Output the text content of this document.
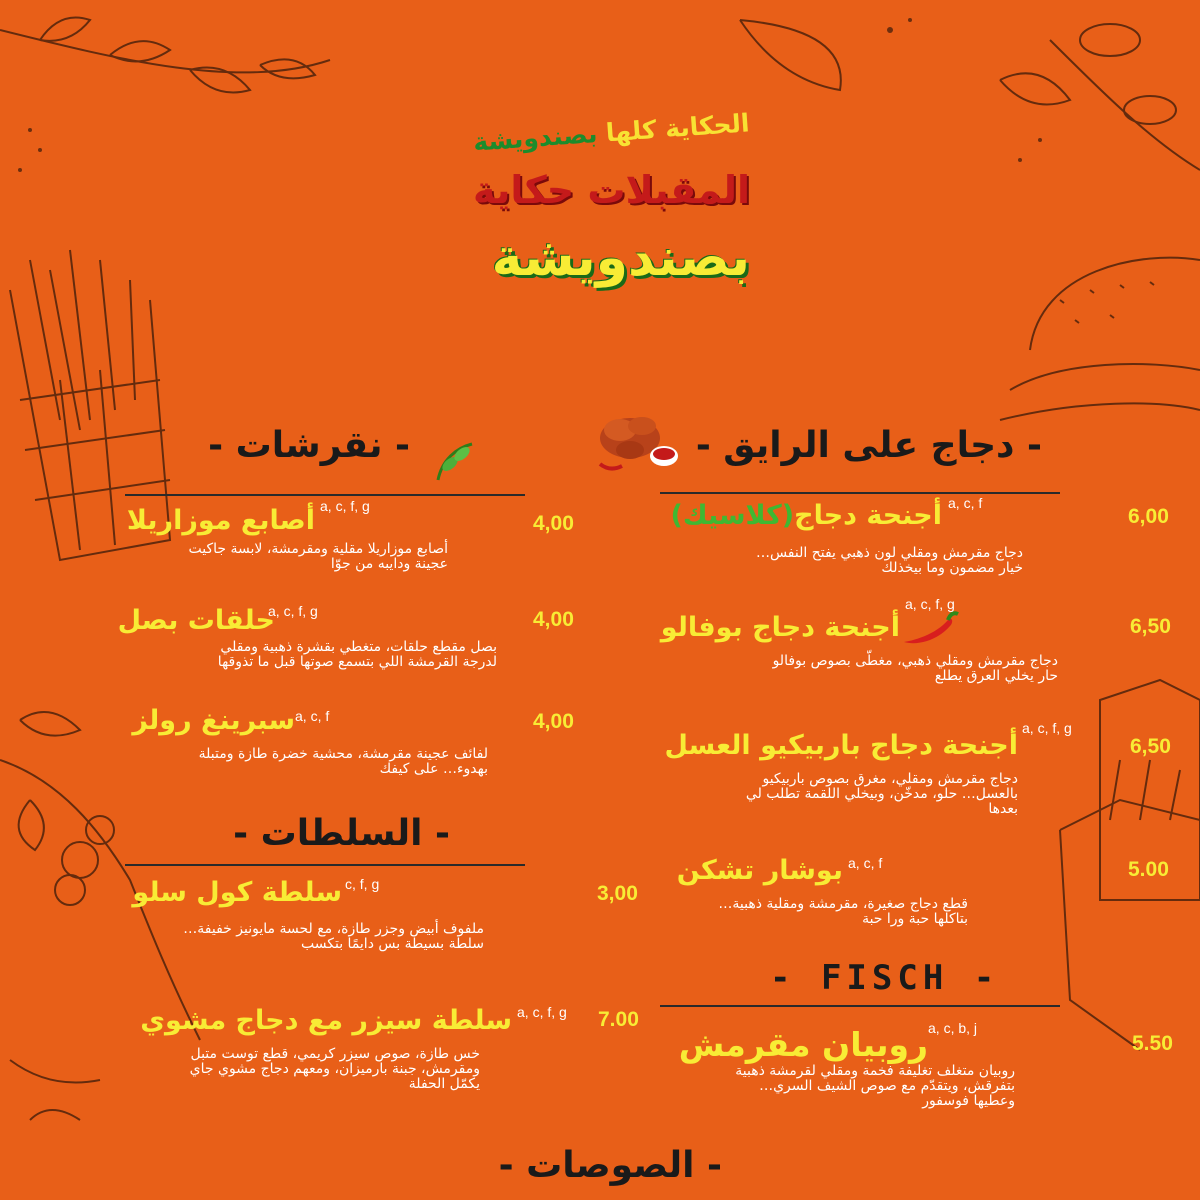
الحكاية كلها بصندويشة
المقبلات حكاية
بصندويشة
- نقرشات -
أصابع موزاريلا a, c, f, g
4,00
أصابع موزاريلا مقلية ومقرمشة، لابسة جاكيت
عجينة ودايبه من جوّا
حلقات بصل
a, c, f, g	4,00
بصل مقطع حلقات، متغطي بقشرة ذهبية ومقلي
لدرجة القرمشة اللي بتسمع صوتها قبل ما تذوقها
سبرينغ رولز a, c, f	4,00
لفائف عجينة مقرمشة، محشية خضرة طازة ومتبلة
بهدوء… على كيفك
- السلطات -
سلطة كول سلو c, f, g	3,00
ملفوف أبيض وجزر طازة، مع لحسة مايونيز خفيفة…
سلطة بسيطة بس دايمًا بتكسب
سلطة سيزر مع دجاج مشوي a, c, f, g 7.00
خس طازة، صوص سيزر كريمي، قطع توست متبل
ومقرمش، جبنة بارميزان، ومعهم دجاج مشوي جاي
يكمّل الحفلة
- دجاج على الرايق -
أجنحة دجاج(كلاسيك)	a, c, f
6,00
دجاج مقرمش ومقلي لون ذهبي يفتح النفس…
خيار مضمون وما بيخذلك
أجنحة دجاج بوفالو
a, c, f, g
6,50
دجاج مقرمش ومقلي ذهبي، مغطّى بصوص بوفالو
حار يخلي العرق يطلع
أجنحة دجاج باربيكيو العسل
a, c, f, g
6,50
دجاج مقرمش ومقلي، مغرق بصوص باربيكيو
بالعسل… حلو، مدخّن، وبيخلي اللقمة تطلب لي
بعدها
بوشار تشكن a, c, f	5.00
قطع دجاج صغيرة، مقرمشة ومقلية ذهبية…
بتاكلها حبة ورا حبة
- FISCH -
روبيان مقرمش a, c, b, j
5.50
روبيان متغلف تغليفة فخمة ومقلي لقرمشة ذهبية
بتفرقش، ويتقدّم مع صوص الشيف السري…
وعطيها فوسفور
- الصوصات -
